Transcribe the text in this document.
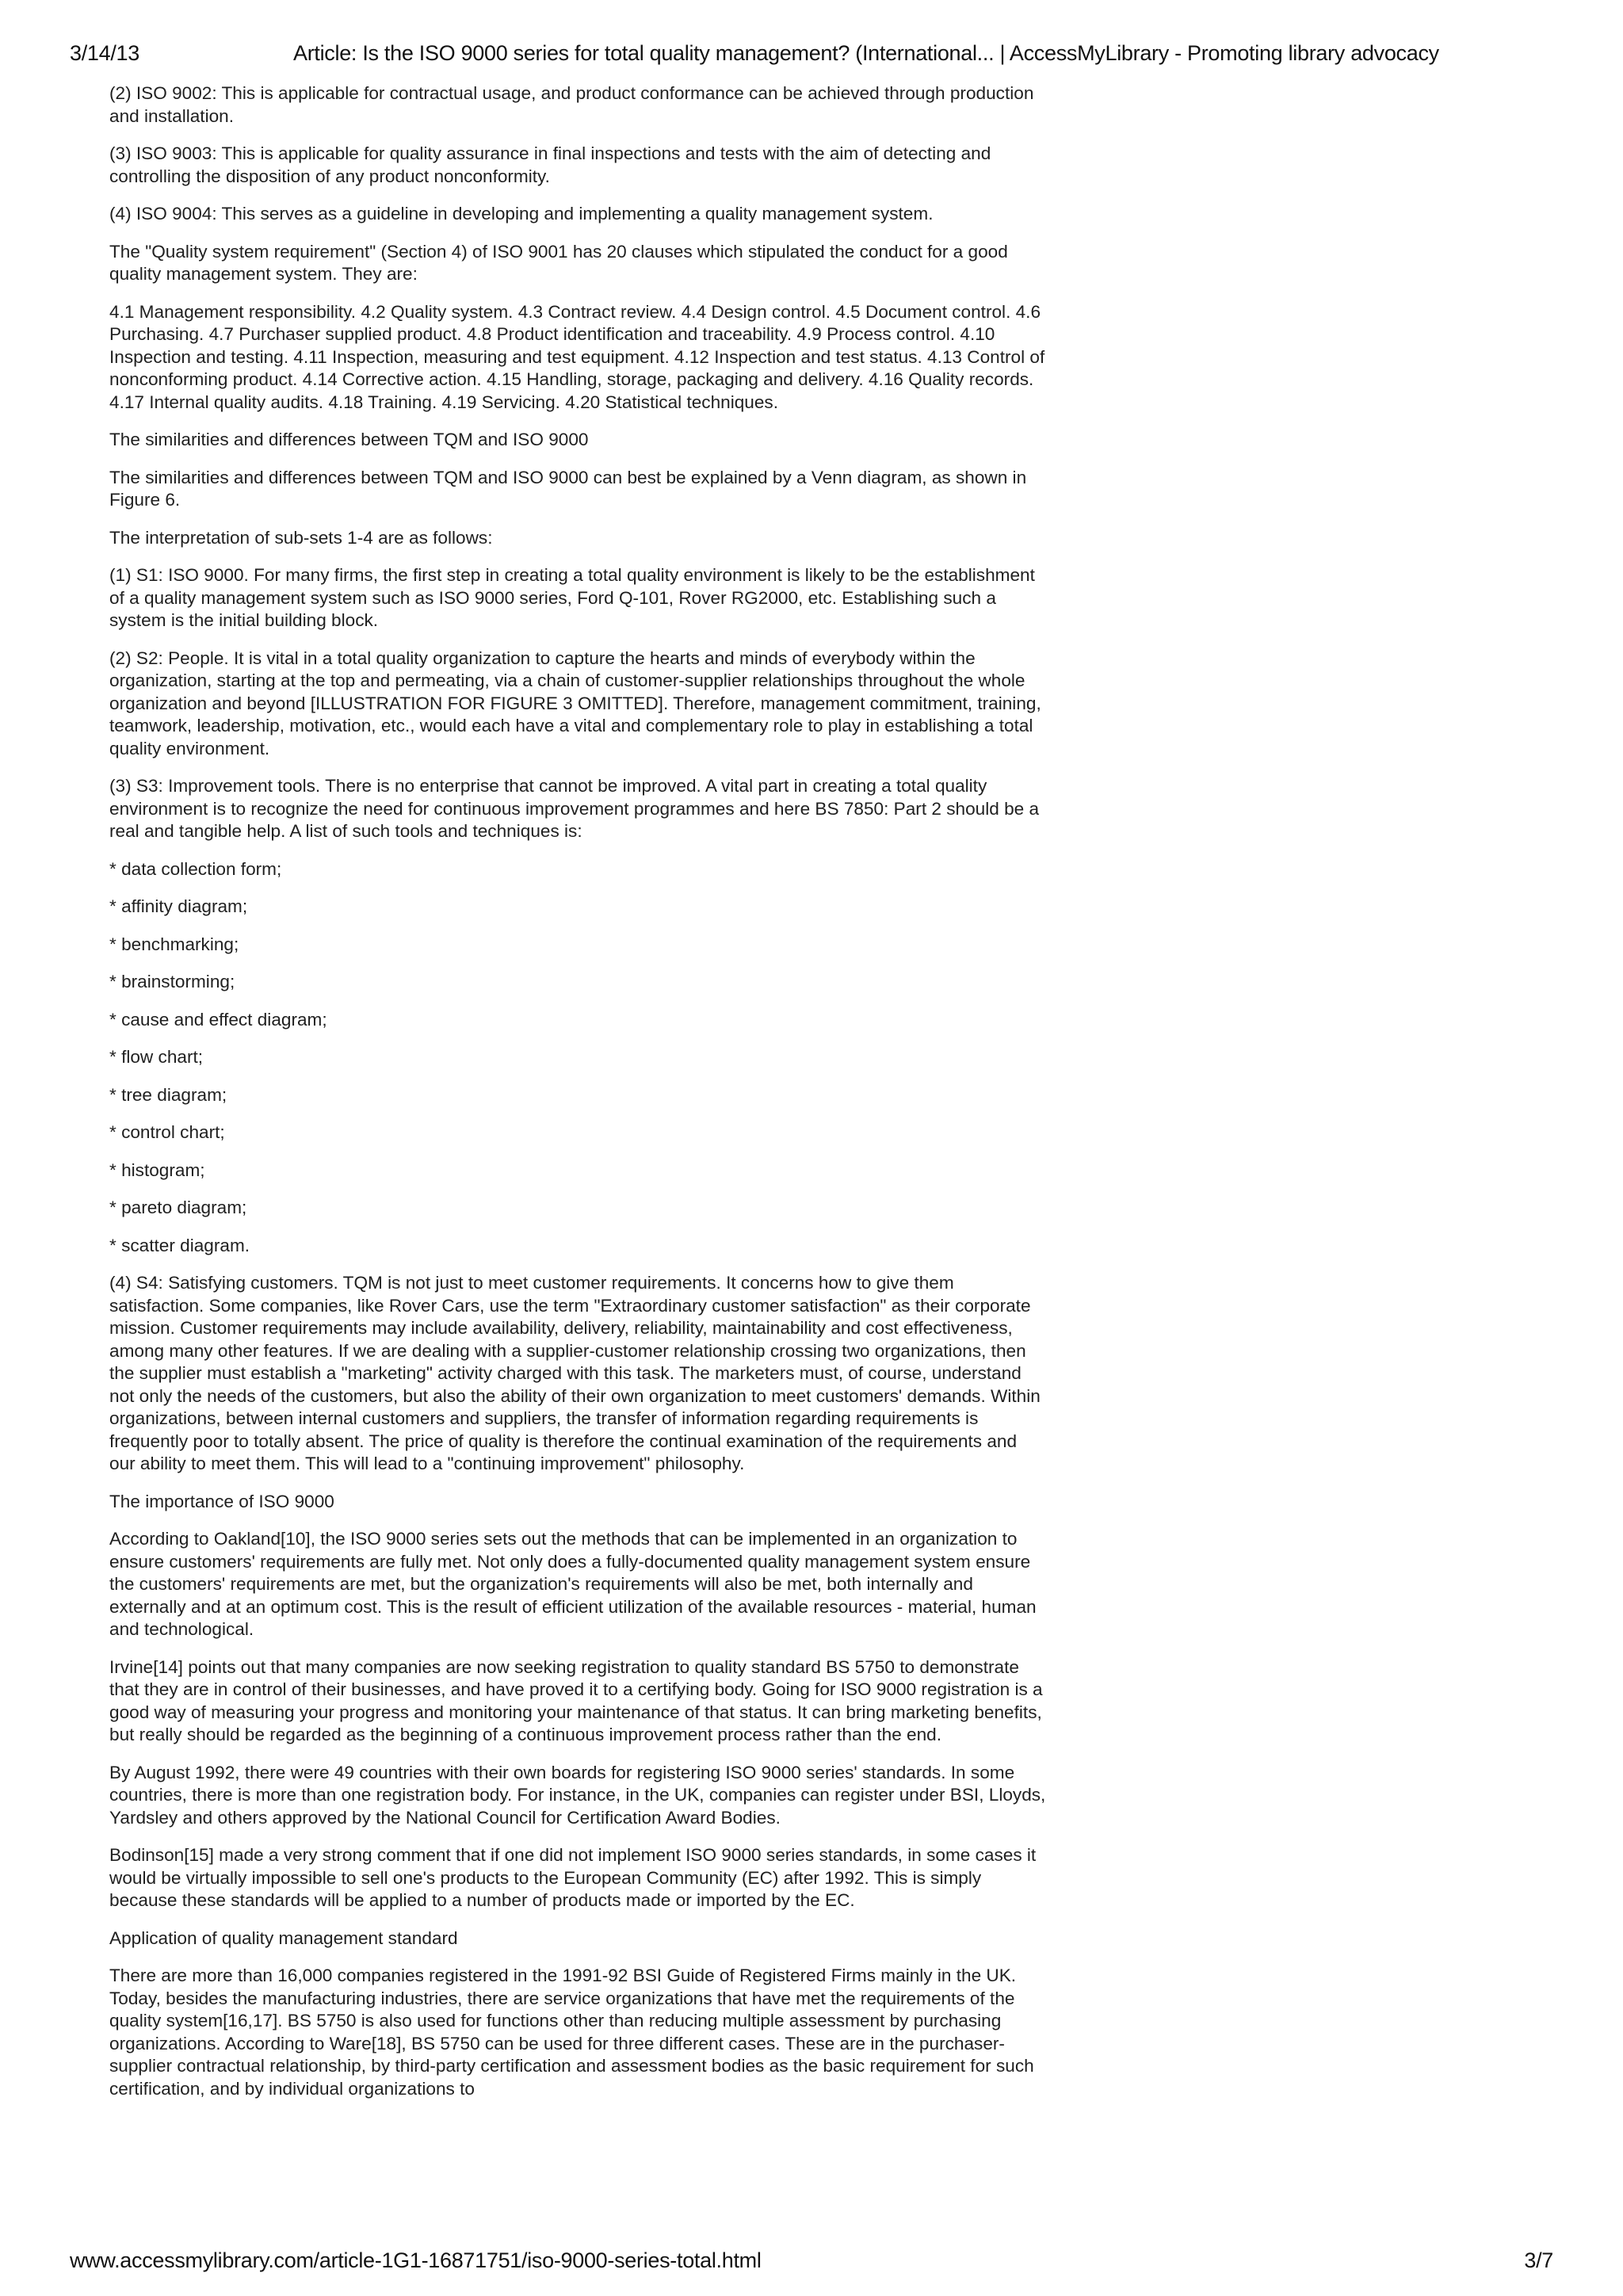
3/14/13	Article: Is the ISO 9000 series for total quality management? (International... | AccessMyLibrary - Promoting library advocacy

(2) ISO 9002: This is applicable for contractual usage, and product conformance can be achieved through production and installation.

(3) ISO 9003: This is applicable for quality assurance in final inspections and tests with the aim of detecting and controlling the disposition of any product nonconformity.

(4) ISO 9004: This serves as a guideline in developing and implementing a quality management system.

The "Quality system requirement" (Section 4) of ISO 9001 has 20 clauses which stipulated the conduct for a good quality management system. They are:

4.1 Management responsibility. 4.2 Quality system. 4.3 Contract review. 4.4 Design control. 4.5 Document control. 4.6 Purchasing. 4.7 Purchaser supplied product. 4.8 Product identification and traceability. 4.9 Process control. 4.10 Inspection and testing. 4.11 Inspection, measuring and test equipment. 4.12 Inspection and test status. 4.13 Control of nonconforming product. 4.14 Corrective action. 4.15 Handling, storage, packaging and delivery. 4.16 Quality records. 4.17 Internal quality audits. 4.18 Training. 4.19 Servicing. 4.20 Statistical techniques.

The similarities and differences between TQM and ISO 9000

The similarities and differences between TQM and ISO 9000 can best be explained by a Venn diagram, as shown in Figure 6.

The interpretation of sub-sets 1-4 are as follows:

(1) S1: ISO 9000. For many firms, the first step in creating a total quality environment is likely to be the establishment of a quality management system such as ISO 9000 series, Ford Q-101, Rover RG2000, etc. Establishing such a system is the initial building block.

(2) S2: People. It is vital in a total quality organization to capture the hearts and minds of everybody within the organization, starting at the top and permeating, via a chain of customer-supplier relationships throughout the whole organization and beyond [ILLUSTRATION FOR FIGURE 3 OMITTED]. Therefore, management commitment, training, teamwork, leadership, motivation, etc., would each have a vital and complementary role to play in establishing a total quality environment.

(3) S3: Improvement tools. There is no enterprise that cannot be improved. A vital part in creating a total quality environment is to recognize the need for continuous improvement programmes and here BS 7850: Part 2 should be a real and tangible help. A list of such tools and techniques is:

* data collection form;

* affinity diagram;

* benchmarking;

* brainstorming;

* cause and effect diagram;

* flow chart;

* tree diagram;

* control chart;

* histogram;

* pareto diagram;

* scatter diagram.

(4) S4: Satisfying customers. TQM is not just to meet customer requirements. It concerns how to give them satisfaction. Some companies, like Rover Cars, use the term "Extraordinary customer satisfaction" as their corporate mission. Customer requirements may include availability, delivery, reliability, maintainability and cost effectiveness, among many other features. If we are dealing with a supplier-customer relationship crossing two organizations, then the supplier must establish a "marketing" activity charged with this task. The marketers must, of course, understand not only the needs of the customers, but also the ability of their own organization to meet customers' demands. Within organizations, between internal customers and suppliers, the transfer of information regarding requirements is frequently poor to totally absent. The price of quality is therefore the continual examination of the requirements and our ability to meet them. This will lead to a "continuing improvement" philosophy.

The importance of ISO 9000

According to Oakland[10], the ISO 9000 series sets out the methods that can be implemented in an organization to ensure customers' requirements are fully met. Not only does a fully-documented quality management system ensure the customers' requirements are met, but the organization's requirements will also be met, both internally and externally and at an optimum cost. This is the result of efficient utilization of the available resources - material, human and technological.

Irvine[14] points out that many companies are now seeking registration to quality standard BS 5750 to demonstrate that they are in control of their businesses, and have proved it to a certifying body. Going for ISO 9000 registration is a good way of measuring your progress and monitoring your maintenance of that status. It can bring marketing benefits, but really should be regarded as the beginning of a continuous improvement process rather than the end.

By August 1992, there were 49 countries with their own boards for registering ISO 9000 series' standards. In some countries, there is more than one registration body. For instance, in the UK, companies can register under BSI, Lloyds, Yardsley and others approved by the National Council for Certification Award Bodies.

Bodinson[15] made a very strong comment that if one did not implement ISO 9000 series standards, in some cases it would be virtually impossible to sell one's products to the European Community (EC) after 1992. This is simply because these standards will be applied to a number of products made or imported by the EC.

Application of quality management standard

There are more than 16,000 companies registered in the 1991-92 BSI Guide of Registered Firms mainly in the UK. Today, besides the manufacturing industries, there are service organizations that have met the requirements of the quality system[16,17]. BS 5750 is also used for functions other than reducing multiple assessment by purchasing organizations. According to Ware[18], BS 5750 can be used for three different cases. These are in the purchaser-supplier contractual relationship, by third-party certification and assessment bodies as the basic requirement for such certification, and by individual organizations to

www.accessmylibrary.com/article-1G1-16871751/iso-9000-series-total.html	3/7
